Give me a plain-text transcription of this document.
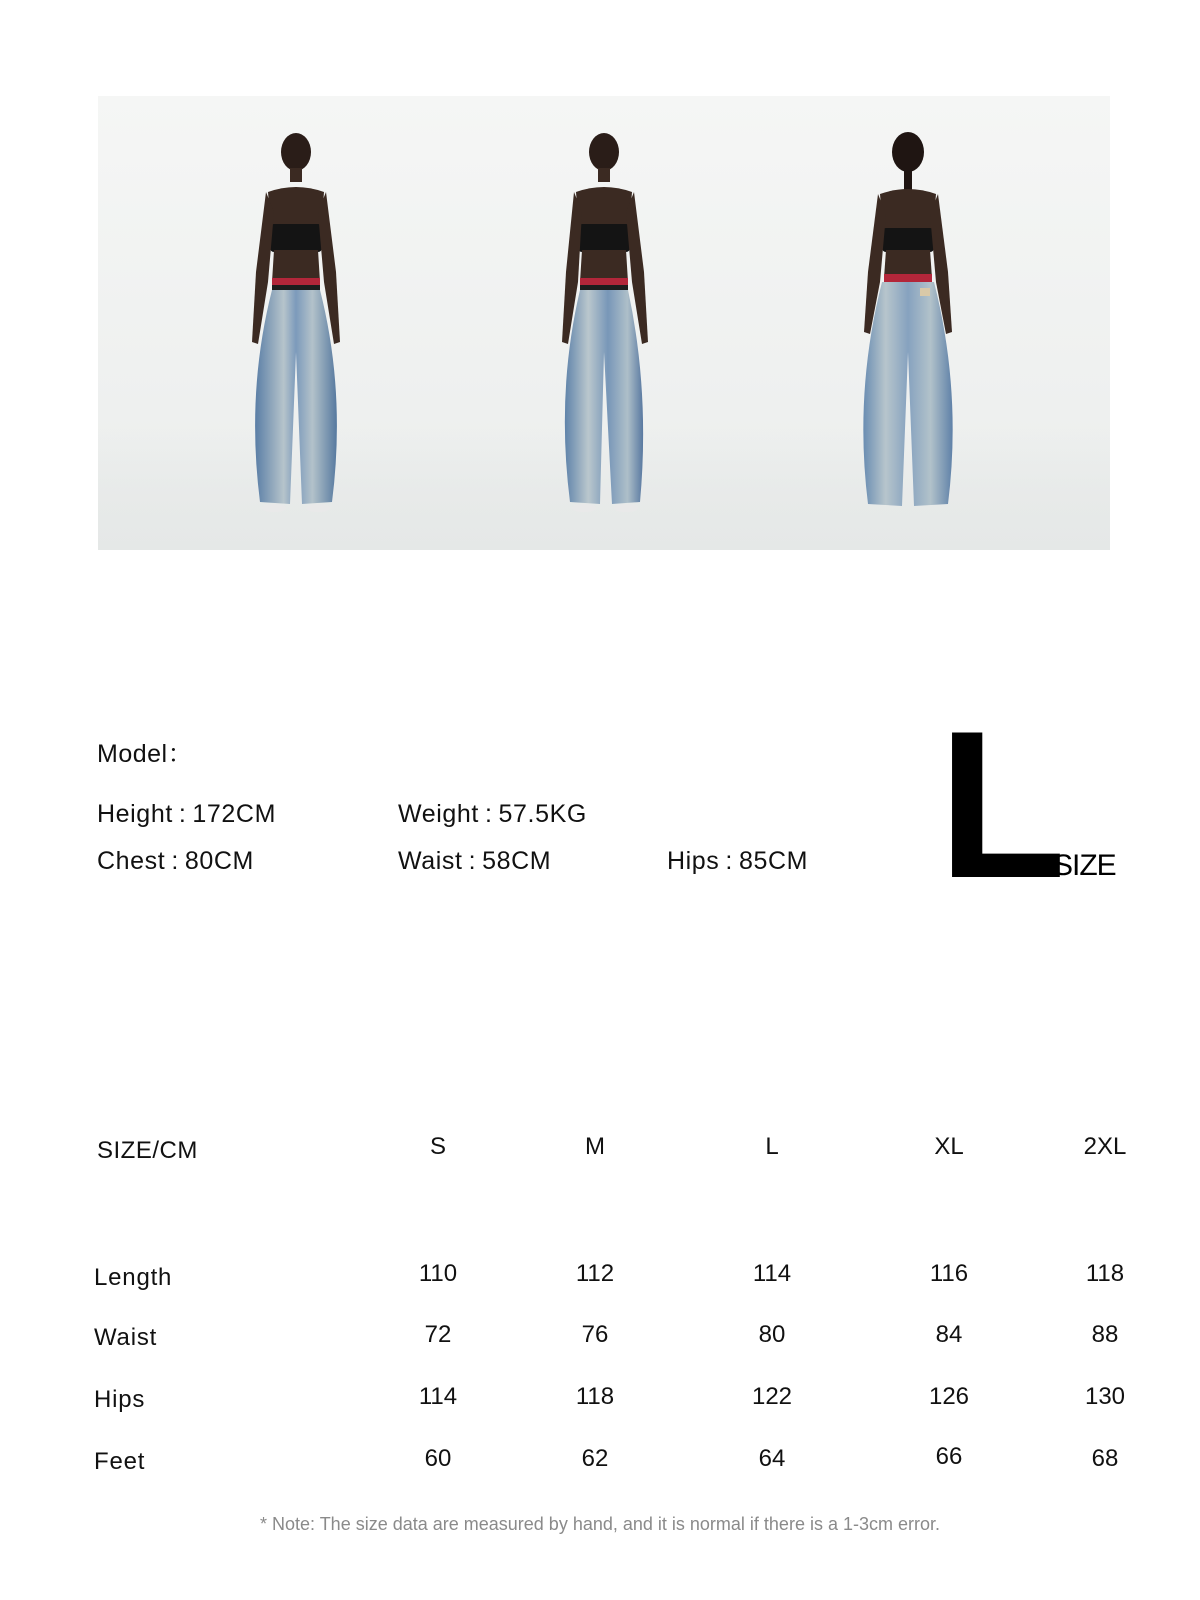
Model：
Height : 172CM	Weight : 57.5KG
Chest : 80CM	Waist : 58CM	Hips : 85CM L
SIZE
SIZE/CM	S	M	L	XL	2XL
Length	110	112	114	116	118
Waist	72	76	80	84	88
Hips	114	118	122	126	130
Feet	60	62	64	66	68
* Note: The size data are measured by hand, and it is normal if there is a 1-3cm error.
